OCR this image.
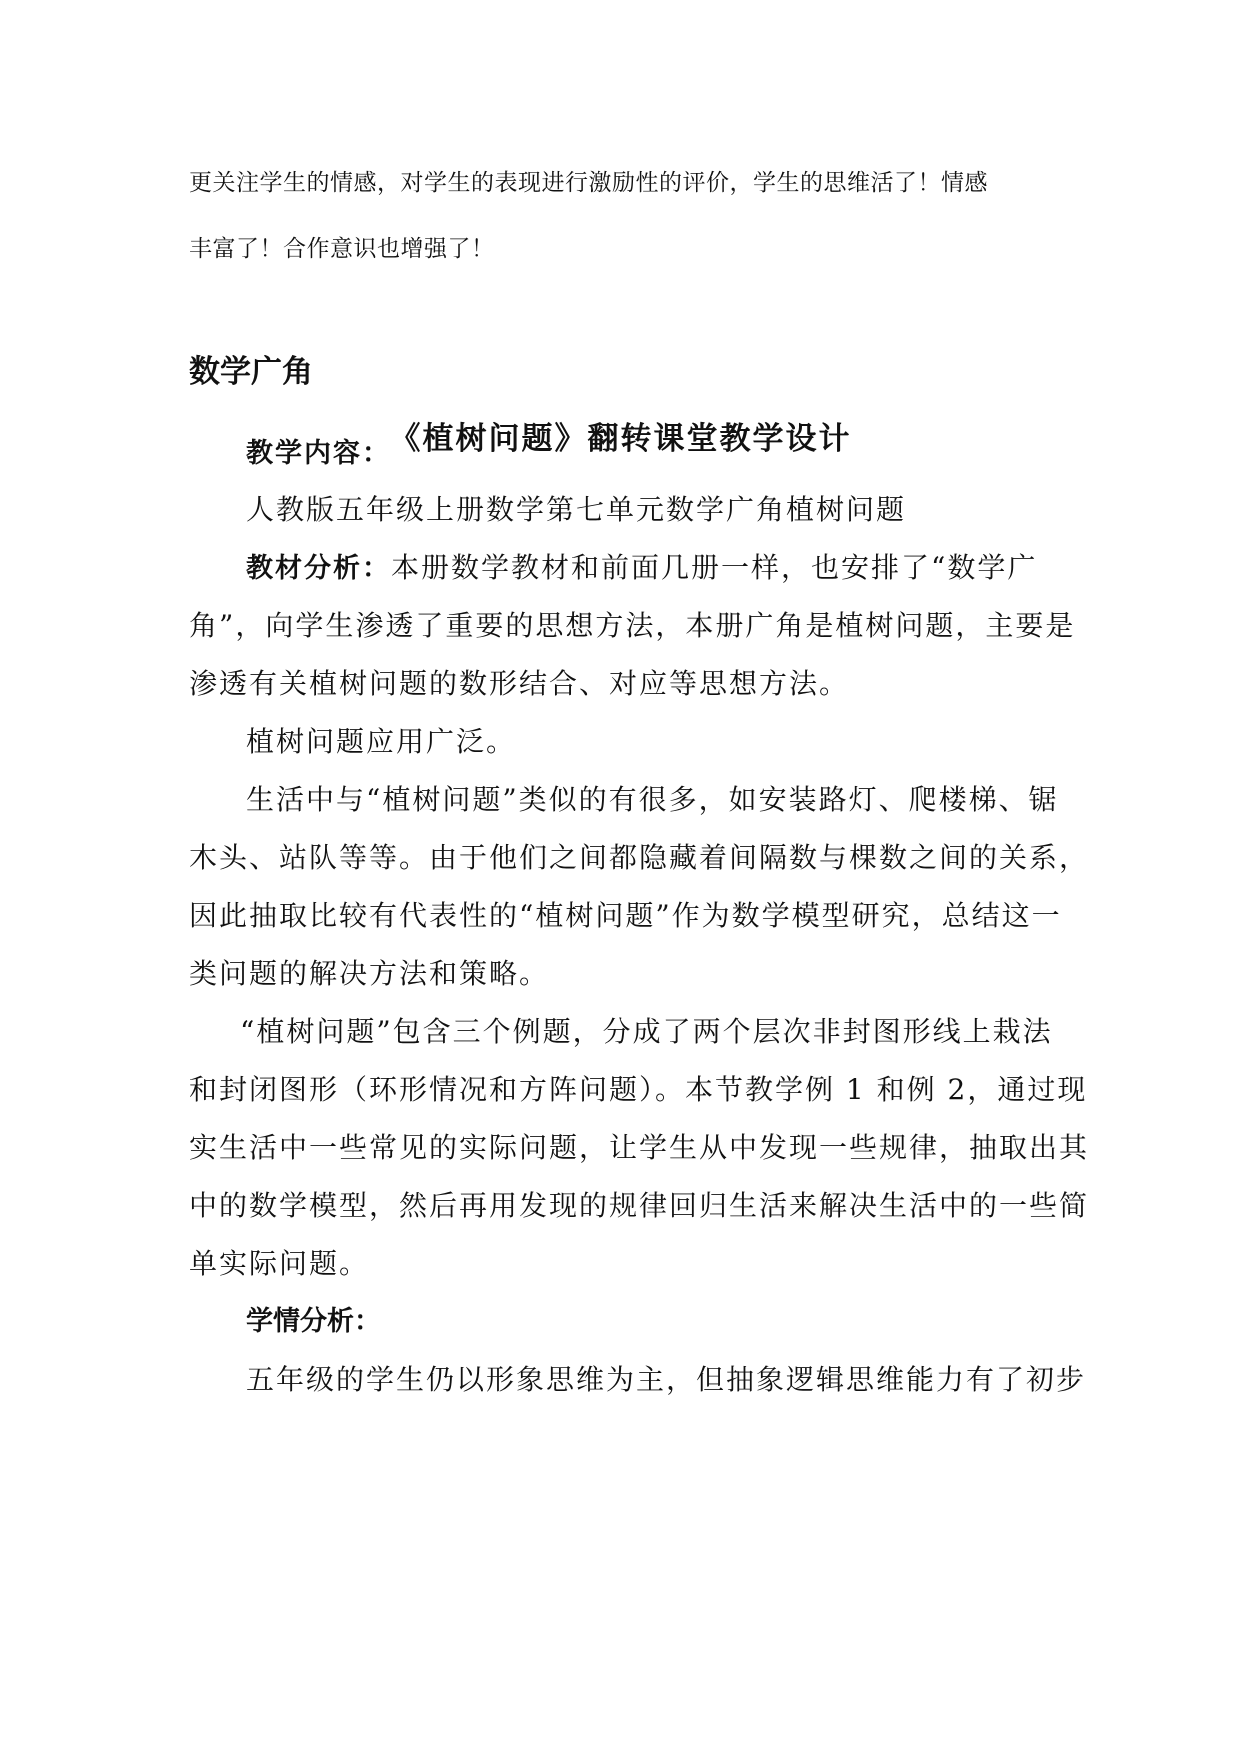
更关注学生的情感，对学生的表现进行激励性的评价，学生的思维活了！情感
丰富了！合作意识也增强了！
数学广角
《植树问题》翻转课堂教学设计
教学内容：
人教版五年级上册数学第七单元数学广角植树问题
教材分析：本册数学教材和前面几册一样，也安排了“数学广
角”，向学生渗透了重要的思想方法，本册广角是植树问题，主要是
渗透有关植树问题的数形结合、对应等思想方法。
植树问题应用广泛。
生活中与“植树问题”类似的有很多，如安装路灯、爬楼梯、锯
木头、站队等等。由于他们之间都隐藏着间隔数与棵数之间的关系，
因此抽取比较有代表性的“植树问题”作为数学模型研究，总结这一
类问题的解决方法和策略。
“植树问题”包含三个例题，分成了两个层次非封图形线上栽法
和封闭图形（环形情况和方阵问题）。本节教学例 1 和例 2，通过现
实生活中一些常见的实际问题，让学生从中发现一些规律，抽取出其
中的数学模型，然后再用发现的规律回归生活来解决生活中的一些简
单实际问题。
学情分析：
五年级的学生仍以形象思维为主，但抽象逻辑思维能力有了初步
